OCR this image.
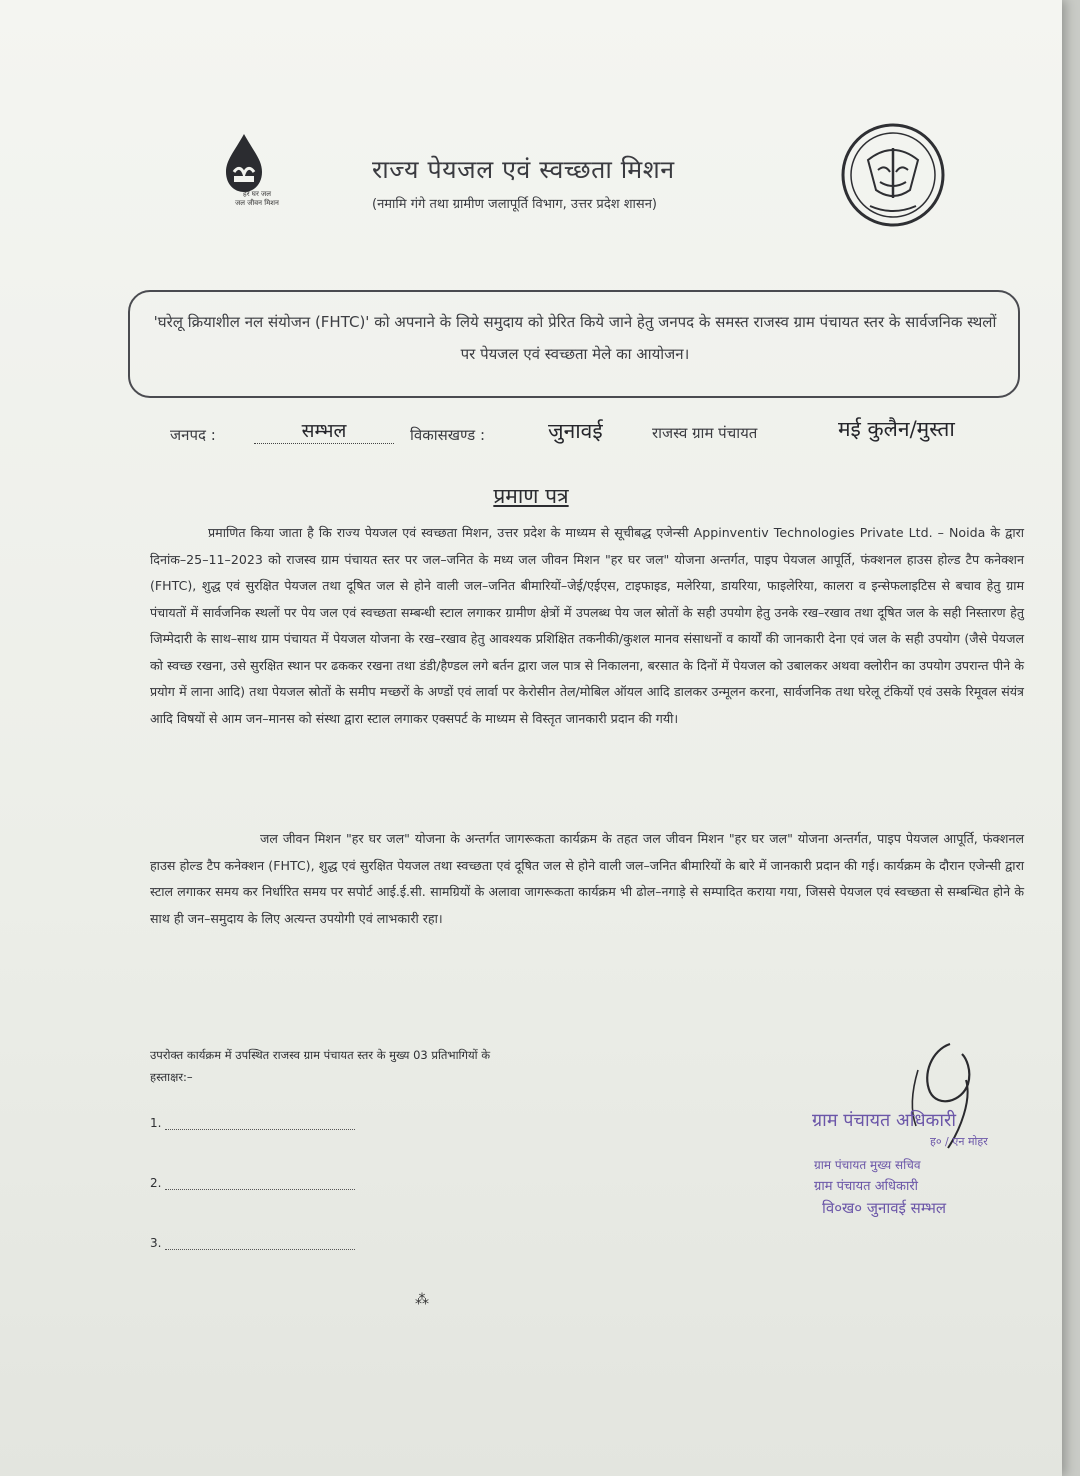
हर घर जल
जल जीवन मिशन
राज्य पेयजल एवं स्वच्छता मिशन
(नमामि गंगे तथा ग्रामीण जलापूर्ति विभाग, उत्तर प्रदेश शासन)
'घरेलू क्रियाशील नल संयोजन (FHTC)' को अपनाने के लिये समुदाय को प्रेरित किये जाने हेतु जनपद के समस्त राजस्व ग्राम पंचायत स्तर के सार्वजनिक स्थलों पर पेयजल एवं स्वच्छता मेले का आयोजन।
जनपद :	सम्भल	विकासखण्ड :	जुनावई	राजस्व ग्राम पंचायत	मई कुलैन/मुस्ता
प्रमाण पत्र
प्रमाणित किया जाता है कि राज्य पेयजल एवं स्वच्छता मिशन, उत्तर प्रदेश के माध्यम से सूचीबद्ध एजेन्सी Appinventiv Technologies Private Ltd. – Noida के द्वारा दिनांक–25–11–2023 को राजस्व ग्राम पंचायत स्तर पर जल–जनित के मध्य जल जीवन मिशन "हर घर जल" योजना अन्तर्गत, पाइप पेयजल आपूर्ति, फंक्शनल हाउस होल्ड टैप कनेक्शन (FHTC), शुद्ध एवं सुरक्षित पेयजल तथा दूषित जल से होने वाली जल–जनित बीमारियों–जेई/एईएस, टाइफाइड, मलेरिया, डायरिया, फाइलेरिया, कालरा व इन्सेफलाइटिस से बचाव हेतु ग्राम पंचायतों में सार्वजनिक स्थलों पर पेय जल एवं स्वच्छता सम्बन्धी स्टाल लगाकर ग्रामीण क्षेत्रों में उपलब्ध पेय जल स्रोतों के सही उपयोग हेतु उनके रख–रखाव तथा दूषित जल के सही निस्तारण हेतु जिम्मेदारी के साथ–साथ ग्राम पंचायत में पेयजल योजना के रख–रखाव हेतु आवश्यक प्रशिक्षित तकनीकी/कुशल मानव संसाधनों व कार्यों की जानकारी देना एवं जल के सही उपयोग (जैसे पेयजल को स्वच्छ रखना, उसे सुरक्षित स्थान पर ढककर रखना तथा डंडी/हैण्डल लगे बर्तन द्वारा जल पात्र से निकालना, बरसात के दिनों में पेयजल को उबालकर अथवा क्लोरीन का उपयोग उपरान्त पीने के प्रयोग में लाना आदि) तथा पेयजल स्रोतों के समीप मच्छरों के अण्डों एवं लार्वा पर केरोसीन तेल/मोबिल ऑयल आदि डालकर उन्मूलन करना, सार्वजनिक तथा घरेलू टंकियों एवं उसके रिमूवल संयंत्र आदि विषयों से आम जन–मानस को संस्था द्वारा स्टाल लगाकर एक्सपर्ट के माध्यम से विस्तृत जानकारी प्रदान की गयी।
जल जीवन मिशन "हर घर जल" योजना के अन्तर्गत जागरूकता कार्यक्रम के तहत जल जीवन मिशन "हर घर जल" योजना अन्तर्गत, पाइप पेयजल आपूर्ति, फंक्शनल हाउस होल्ड टैप कनेक्शन (FHTC), शुद्ध एवं सुरक्षित पेयजल तथा स्वच्छता एवं दूषित जल से होने वाली जल–जनित बीमारियों के बारे में जानकारी प्रदान की गई। कार्यक्रम के दौरान एजेन्सी द्वारा स्टाल लगाकर समय कर निर्धारित समय पर सपोर्ट आई.ई.सी. सामग्रियों के अलावा जागरूकता कार्यक्रम भी ढोल–नगाड़े से सम्पादित कराया गया, जिससे पेयजल एवं स्वच्छता से सम्बन्धित होने के साथ ही जन–समुदाय के लिए अत्यन्त उपयोगी एवं लाभकारी रहा।
उपरोक्त कार्यक्रम में उपस्थित राजस्व ग्राम पंचायत स्तर के मुख्य 03 प्रतिभागियों के
हस्ताक्षर:–
1.
2.
3.
ग्राम पंचायत अधिकारी
ह० / एन मोहर
ग्राम पंचायत मुख्य सचिव
ग्राम पंचायत अधिकारी
वि०ख० जुनावई सम्भल
⁂
